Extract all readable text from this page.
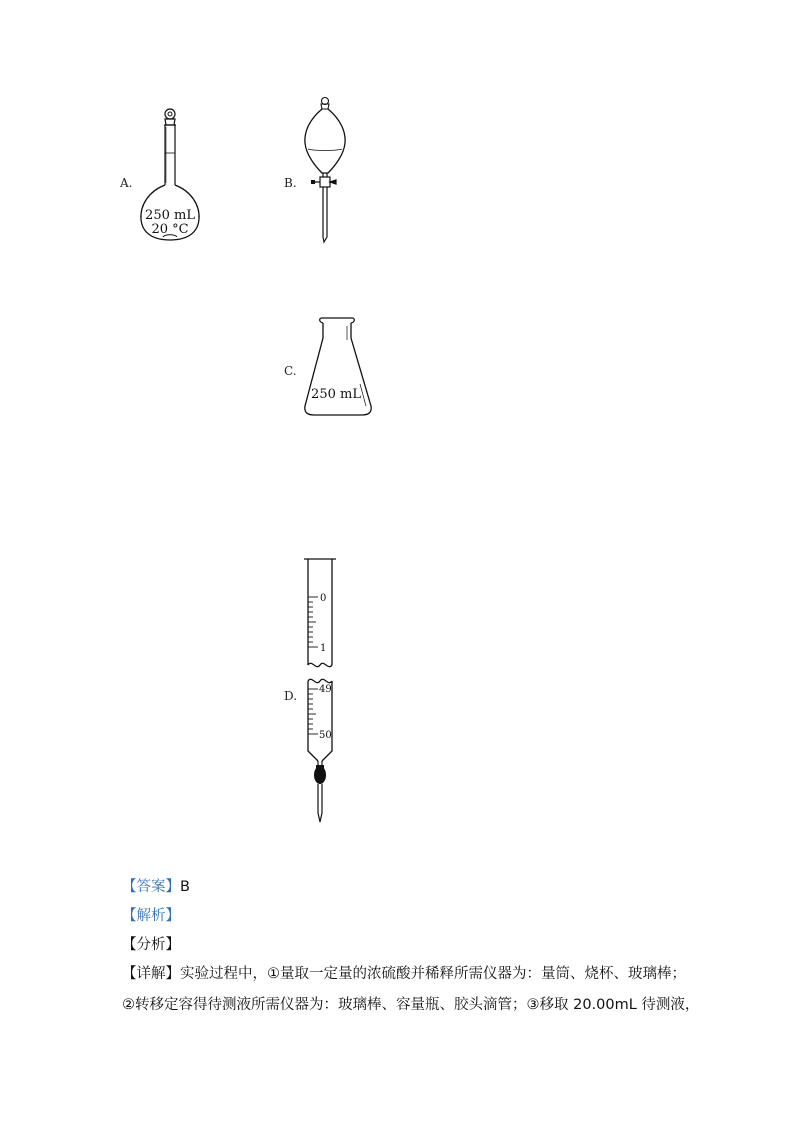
A.
250 mL
20 °C
B.
C.
250 mL
D.
0
1
49
50
【答案】B
【解析】
【分析】
【详解】实验过程中，①量取一定量的浓硫酸并稀释所需仪器为：量筒、烧杯、玻璃棒；
②转移定容得待测液所需仪器为：玻璃棒、容量瓶、胶头滴管；③移取 20.00mL 待测液，
